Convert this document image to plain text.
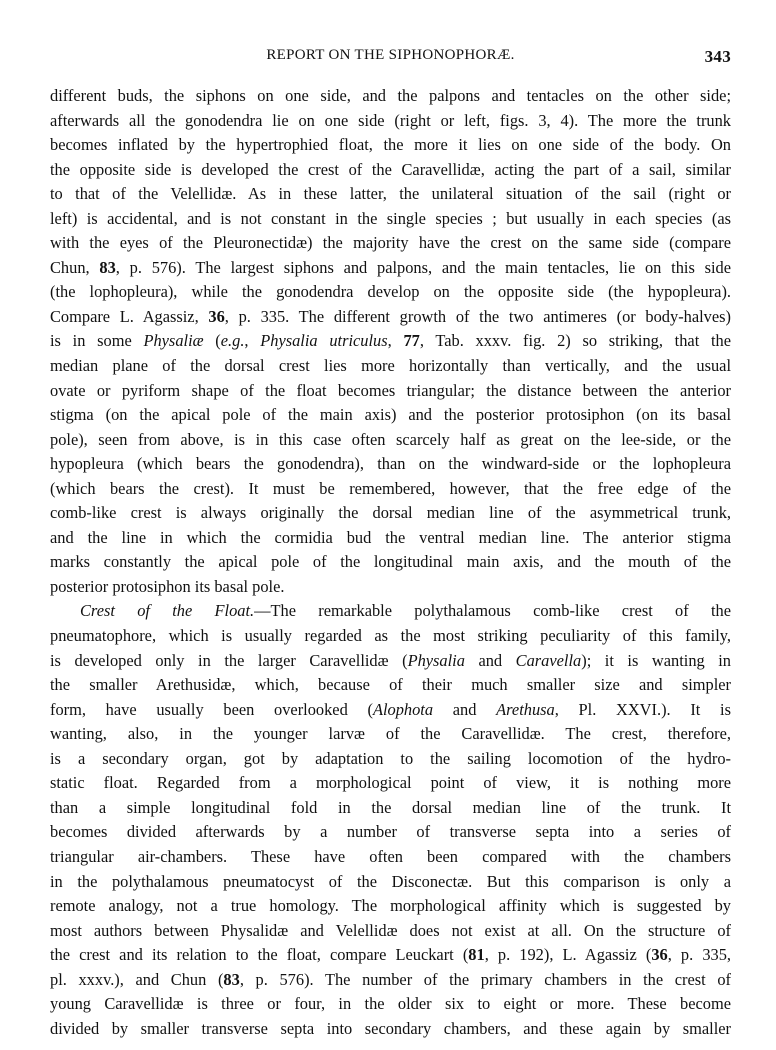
REPORT ON THE SIPHONOPHORÆ.	343
different buds, the siphons on one side, and the palpons and tentacles on the other side;
afterwards all the gonodendra lie on one side (right or left, figs. 3, 4). The more the trunk
becomes inflated by the hypertrophied float, the more it lies on one side of the body. On
the opposite side is developed the crest of the Caravellidæ, acting the part of a sail, similar
to that of the Velellidæ. As in these latter, the unilateral situation of the sail (right or
left) is accidental, and is not constant in the single species ; but usually in each species (as
with the eyes of the Pleuronectidæ) the majority have the crest on the same side (compare
Chun, 83, p. 576). The largest siphons and palpons, and the main tentacles, lie on this side
(the lophopleura), while the gonodendra develop on the opposite side (the hypopleura).
Compare L. Agassiz, 36, p. 335. The different growth of the two antimeres (or body-halves)
is in some Physaliæ (e.g., Physalia utriculus, 77, Tab. xxxv. fig. 2) so striking, that the
median plane of the dorsal crest lies more horizontally than vertically, and the usual
ovate or pyriform shape of the float becomes triangular; the distance between the anterior
stigma (on the apical pole of the main axis) and the posterior protosiphon (on its basal
pole), seen from above, is in this case often scarcely half as great on the lee-side, or the
hypopleura (which bears the gonodendra), than on the windward-side or the lophopleura
(which bears the crest). It must be remembered, however, that the free edge of the
comb-like crest is always originally the dorsal median line of the asymmetrical trunk,
and the line in which the cormidia bud the ventral median line. The anterior stigma
marks constantly the apical pole of the longitudinal main axis, and the mouth of the
posterior protosiphon its basal pole.
Crest of the Float.—The remarkable polythalamous comb-like crest of the
pneumatophore, which is usually regarded as the most striking peculiarity of this family,
is developed only in the larger Caravellidæ (Physalia and Caravella); it is wanting in
the smaller Arethusidæ, which, because of their much smaller size and simpler
form, have usually been overlooked (Alophota and Arethusa, Pl. XXVI.). It is
wanting, also, in the younger larvæ of the Caravellidæ. The crest, therefore,
is a secondary organ, got by adaptation to the sailing locomotion of the hydro-
static float. Regarded from a morphological point of view, it is nothing more
than a simple longitudinal fold in the dorsal median line of the trunk. It
becomes divided afterwards by a number of transverse septa into a series of
triangular air-chambers. These have often been compared with the chambers
in the polythalamous pneumatocyst of the Disconectæ. But this comparison is only a
remote analogy, not a true homology. The morphological affinity which is suggested by
most authors between Physalidæ and Velellidæ does not exist at all. On the structure of
the crest and its relation to the float, compare Leuckart (81, p. 192), L. Agassiz (36, p. 335,
pl. xxxv.), and Chun (83, p. 576). The number of the primary chambers in the crest of
young Caravellidæ is three or four, in the older six to eight or more. These become
divided by smaller transverse septa into secondary chambers, and these again by smaller
